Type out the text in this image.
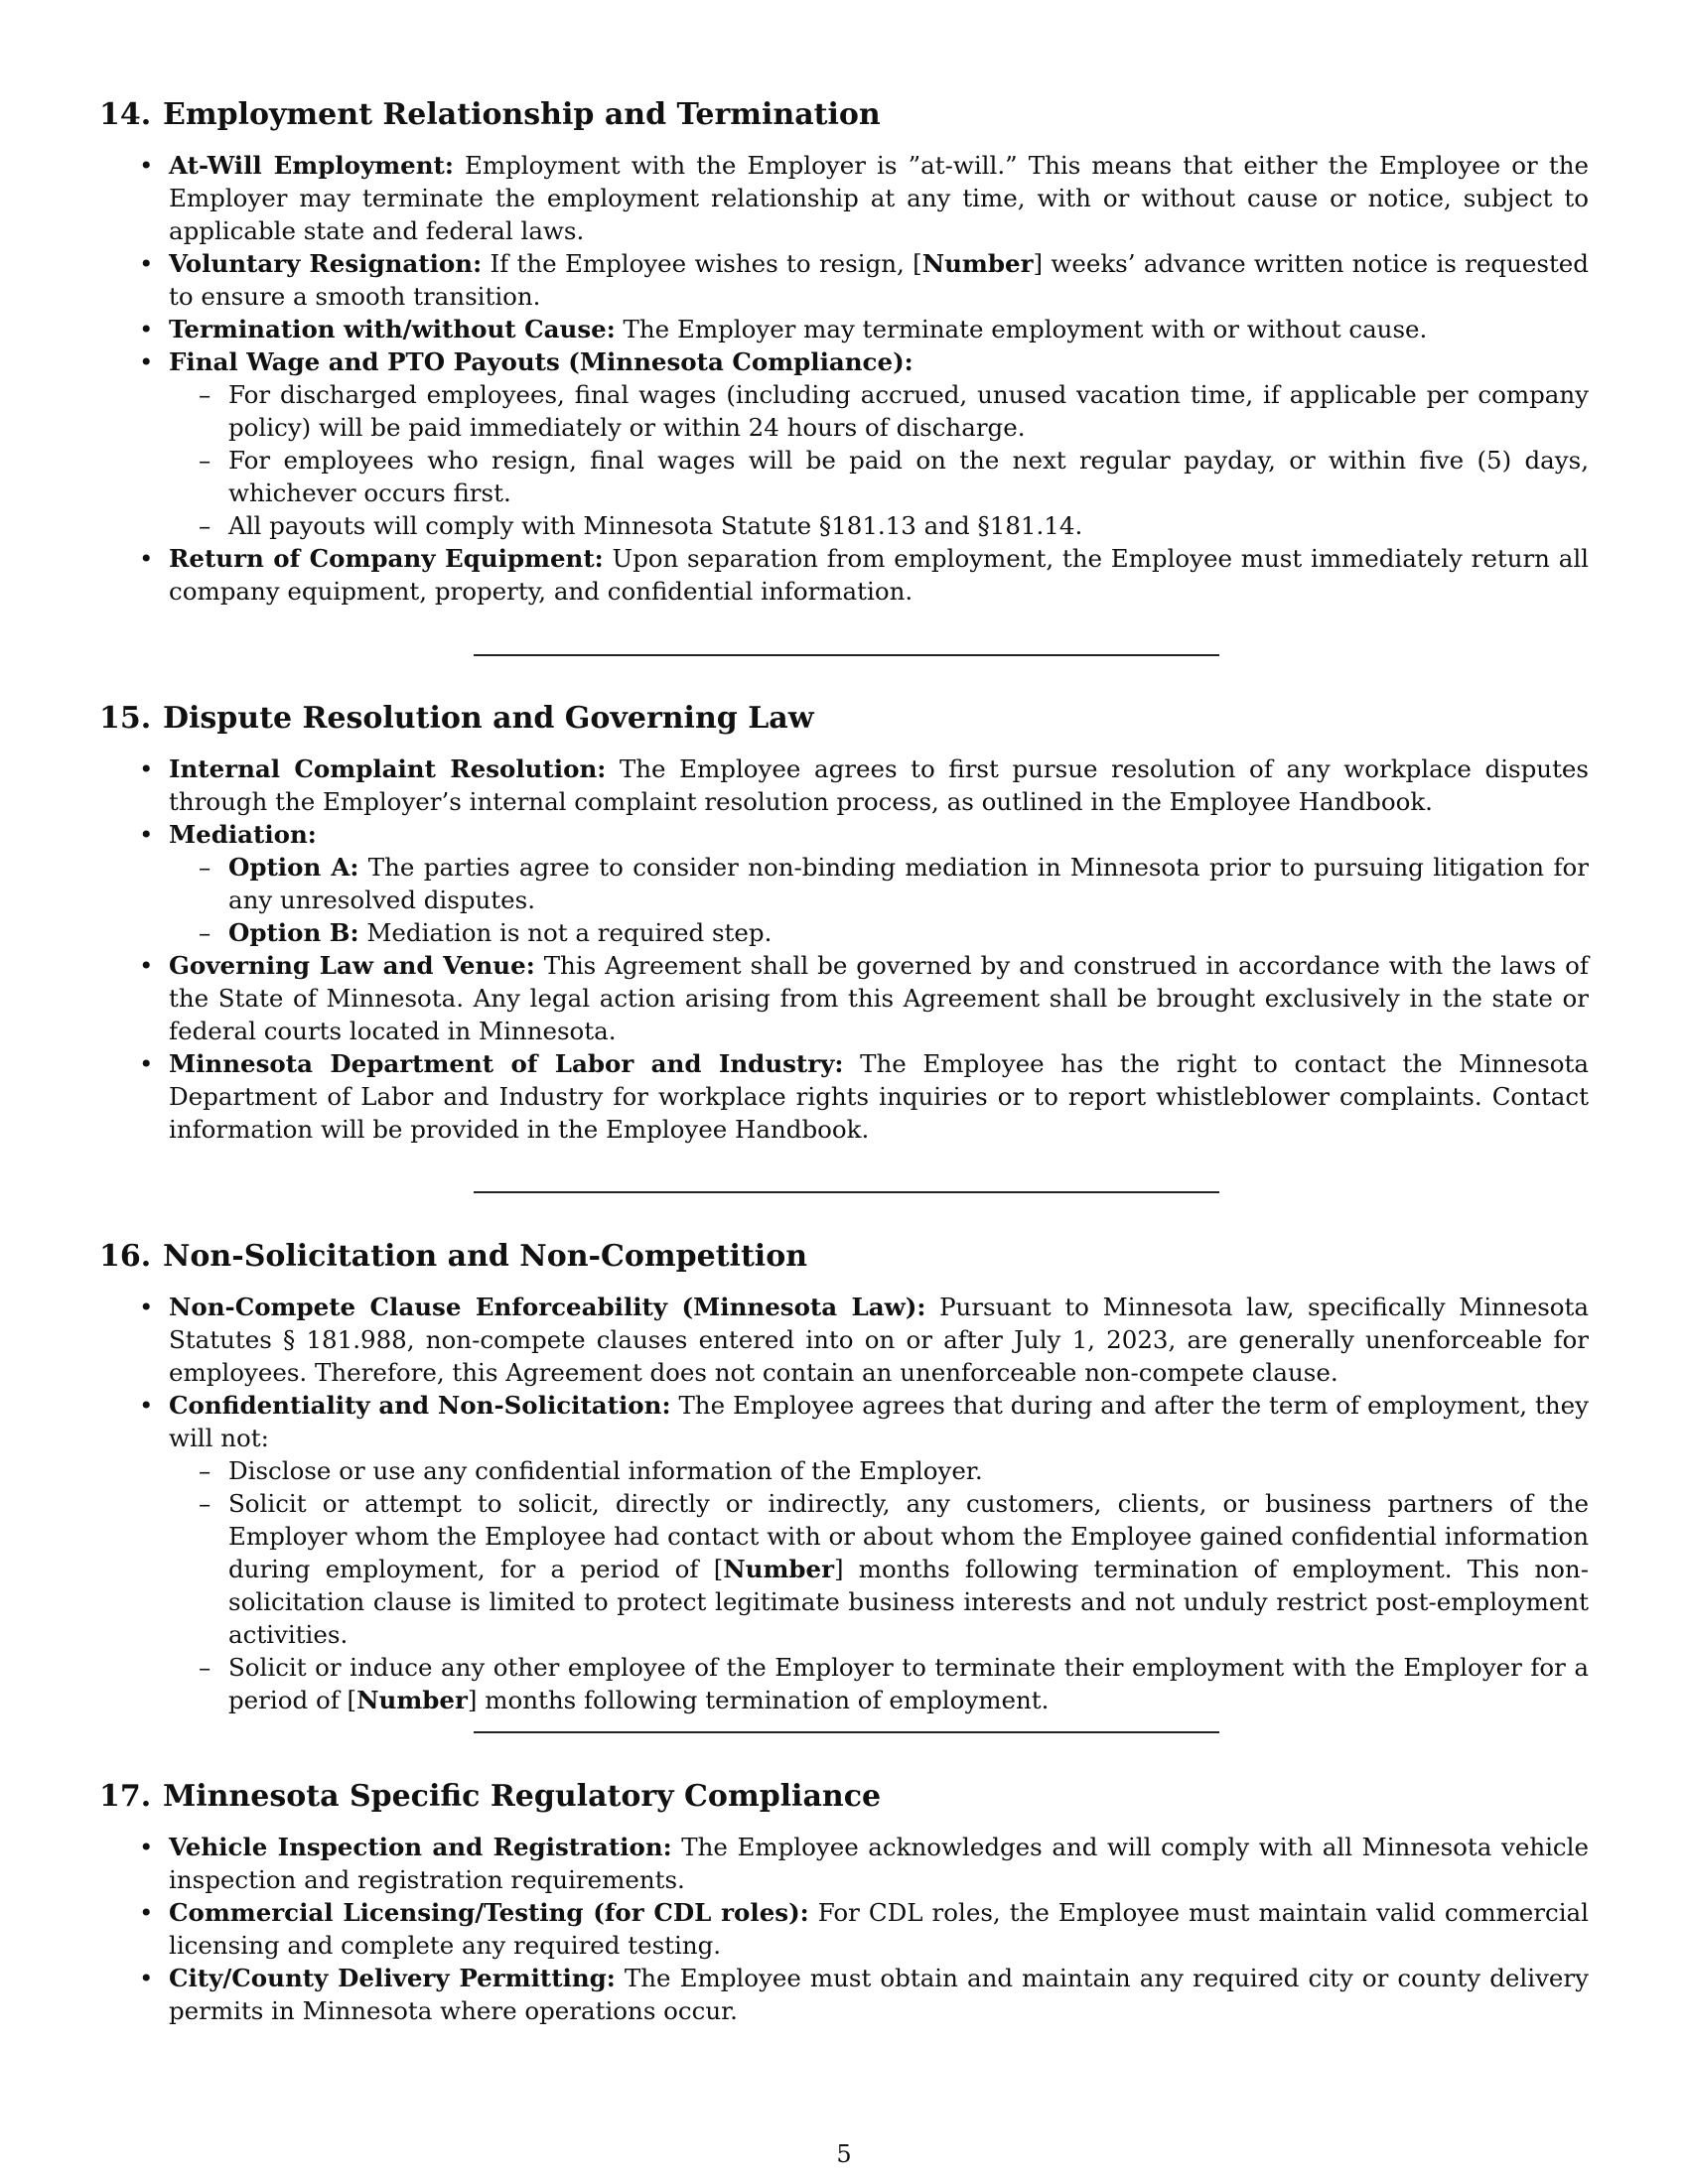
14. Employment Relationship and Termination
• At-Will Employment: Employment with the Employer is ”at-will.” This means that either the Employee or the Employer may terminate the employment relationship at any time, with or without cause or notice, subject to applicable state and federal laws.
• Voluntary Resignation: If the Employee wishes to resign, [Number] weeks’ advance written notice is requested to ensure a smooth transition.
• Termination with/without Cause: The Employer may terminate employment with or without cause.
• Final Wage and PTO Payouts (Minnesota Compliance):
– For discharged employees, final wages (including accrued, unused vacation time, if applicable per company policy) will be paid immediately or within 24 hours of discharge.
– For employees who resign, final wages will be paid on the next regular payday, or within five (5) days, whichever occurs first.
– All payouts will comply with Minnesota Statute §181.13 and §181.14.
• Return of Company Equipment: Upon separation from employment, the Employee must immediately return all company equipment, property, and confidential information.
15. Dispute Resolution and Governing Law
• Internal Complaint Resolution: The Employee agrees to first pursue resolution of any workplace disputes through the Employer’s internal complaint resolution process, as outlined in the Employee Handbook.
• Mediation:
– Option A: The parties agree to consider non-binding mediation in Minnesota prior to pursuing litigation for any unresolved disputes.
– Option B: Mediation is not a required step.
• Governing Law and Venue: This Agreement shall be governed by and construed in accordance with the laws of the State of Minnesota. Any legal action arising from this Agreement shall be brought exclusively in the state or federal courts located in Minnesota.
• Minnesota Department of Labor and Industry: The Employee has the right to contact the Minnesota Department of Labor and Industry for workplace rights inquiries or to report whistleblower complaints. Contact information will be provided in the Employee Handbook.
16. Non-Solicitation and Non-Competition
• Non-Compete Clause Enforceability (Minnesota Law): Pursuant to Minnesota law, specifically Minnesota Statutes § 181.988, non-compete clauses entered into on or after July 1, 2023, are generally unenforceable for employees. Therefore, this Agreement does not contain an unenforceable non-compete clause.
• Confidentiality and Non-Solicitation: The Employee agrees that during and after the term of employment, they will not:
– Disclose or use any confidential information of the Employer.
– Solicit or attempt to solicit, directly or indirectly, any customers, clients, or business partners of the Employer whom the Employee had contact with or about whom the Employee gained confidential information during employment, for a period of [Number] months following termination of employment. This non-solicitation clause is limited to protect legitimate business interests and not unduly restrict post-employment activities.
– Solicit or induce any other employee of the Employer to terminate their employment with the Employer for a period of [Number] months following termination of employment.
17. Minnesota Specific Regulatory Compliance
• Vehicle Inspection and Registration: The Employee acknowledges and will comply with all Minnesota vehicle inspection and registration requirements.
• Commercial Licensing/Testing (for CDL roles): For CDL roles, the Employee must maintain valid commercial licensing and complete any required testing.
• City/County Delivery Permitting: The Employee must obtain and maintain any required city or county delivery permits in Minnesota where operations occur.
5
